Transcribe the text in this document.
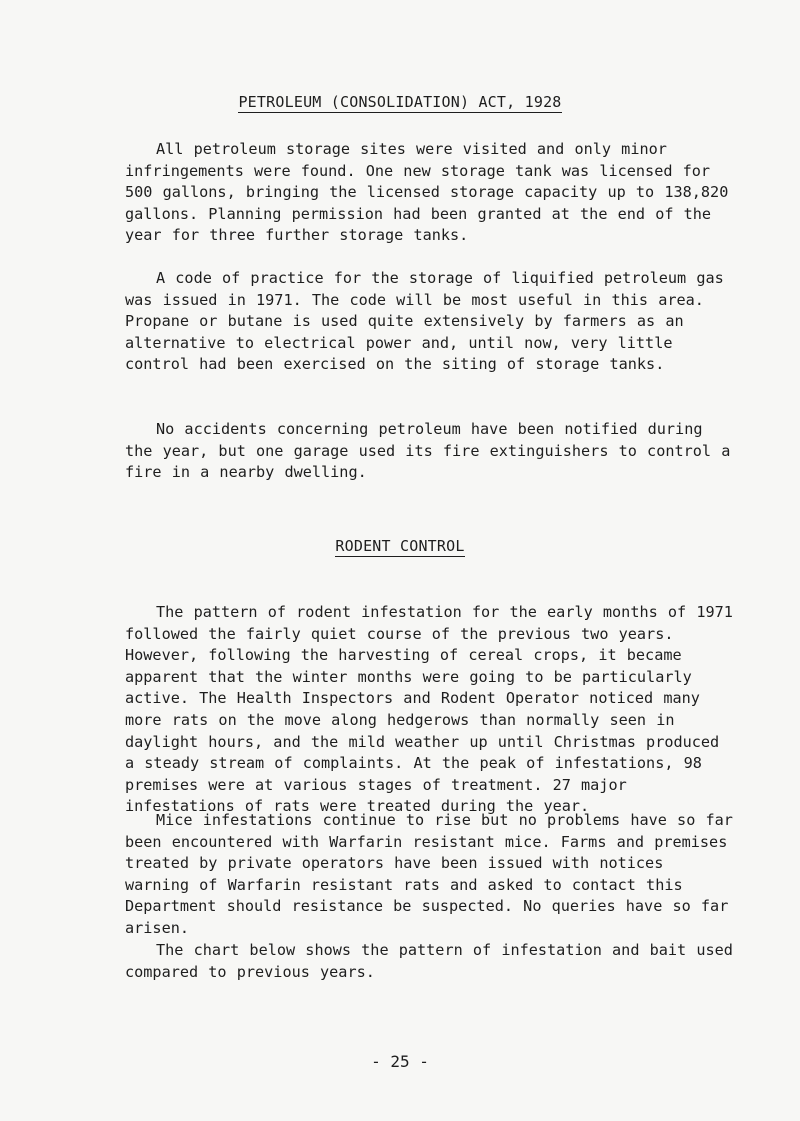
PETROLEUM (CONSOLIDATION) ACT, 1928

All petroleum storage sites were visited and only minor infringements were found. One new storage tank was licensed for 500 gallons, bringing the licensed storage capacity up to 138,820 gallons. Planning permission had been granted at the end of the year for three further storage tanks.

A code of practice for the storage of liquified petroleum gas was issued in 1971. The code will be most useful in this area. Propane or butane is used quite extensively by farmers as an alternative to electrical power and, until now, very little control had been exercised on the siting of storage tanks.

No accidents concerning petroleum have been notified during the year, but one garage used its fire extinguishers to control a fire in a nearby dwelling.

RODENT CONTROL

The pattern of rodent infestation for the early months of 1971 followed the fairly quiet course of the previous two years. However, following the harvesting of cereal crops, it became apparent that the winter months were going to be particularly active. The Health Inspectors and Rodent Operator noticed many more rats on the move along hedgerows than normally seen in daylight hours, and the mild weather up until Christmas produced a steady stream of complaints. At the peak of infestations, 98 premises were at various stages of treatment. 27 major infestations of rats were treated during the year.

Mice infestations continue to rise but no problems have so far been encountered with Warfarin resistant mice. Farms and premises treated by private operators have been issued with notices warning of Warfarin resistant rats and asked to contact this Department should resistance be suspected. No queries have so far arisen.

The chart below shows the pattern of infestation and bait used compared to previous years.

- 25 -
